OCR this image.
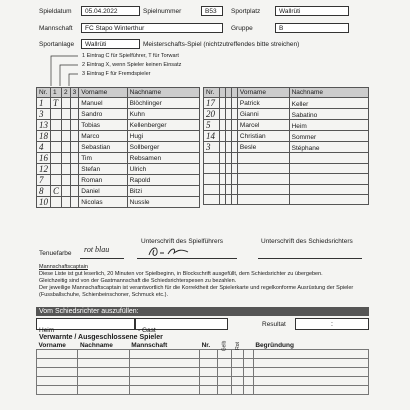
Spieldatum	05.04.2022	Spielnummer	B53	Sportplatz	Wallrüti
Mannschaft	FC Stapo Winterthur	Gruppe	B
Sportanlage	Wallrüti	Meisterschafts-Spiel (nichtzutreffendes bitte streichen)
1 Eintrag C für Spielführer, T für Torwart
2 Eintrag X, wenn Spieler keinen Einsatz
3 Eintrag F für Fremdspieler
Nr.	1	2	3	Vorname	Nachname
1	T			Manuel	Blöchlinger
3				Sandro	Kuhn
13				Tobias	Kellenberger
18				Marco	Hugi
4				Sebastian	Sollberger
16				Tim	Rebsamen
12				Stefan	Ulrich
7				Roman	Rapold
8	C			Daniel	Bitzi
10				Nicolas	Nussle
Nr.				Vorname	Nachname
17				Patrick	Keller
20				Gianni	Sabatino
5				Marcel	Heim
14				Christian	Sommer
3				Besle	Stéphane

Unterschrift des Spielführers	Unterschrift des Schiedsrichters
Tenuefarbe rot blau
Mannschaftscaptain
Diese Liste ist gut leserlich, 20 Minuten vor Spielbeginn, in Blockschrift ausgefüllt, dem Schiedsrichter zu übergeben.
Gleichzeitig sind von der Gastmannschaft die Schiedsrichterspesen zu bezahlen.
Der jeweilige Mannschaftscaptain ist verantwortlich für die Korrektheit der Spielerkarte und regelkonforme Ausrüstung der Spieler (Fussballschuhe, Schienbeinschoner, Schmuck etc.).
Vom Schiedsrichter auszufüllen:
Heim	- Gast
Resultat	:
Verwarnte / Ausgeschlossene Spieler
Vorname	Nachname	Mannschaft	Nr.	Gelb	Rot		Begründung
